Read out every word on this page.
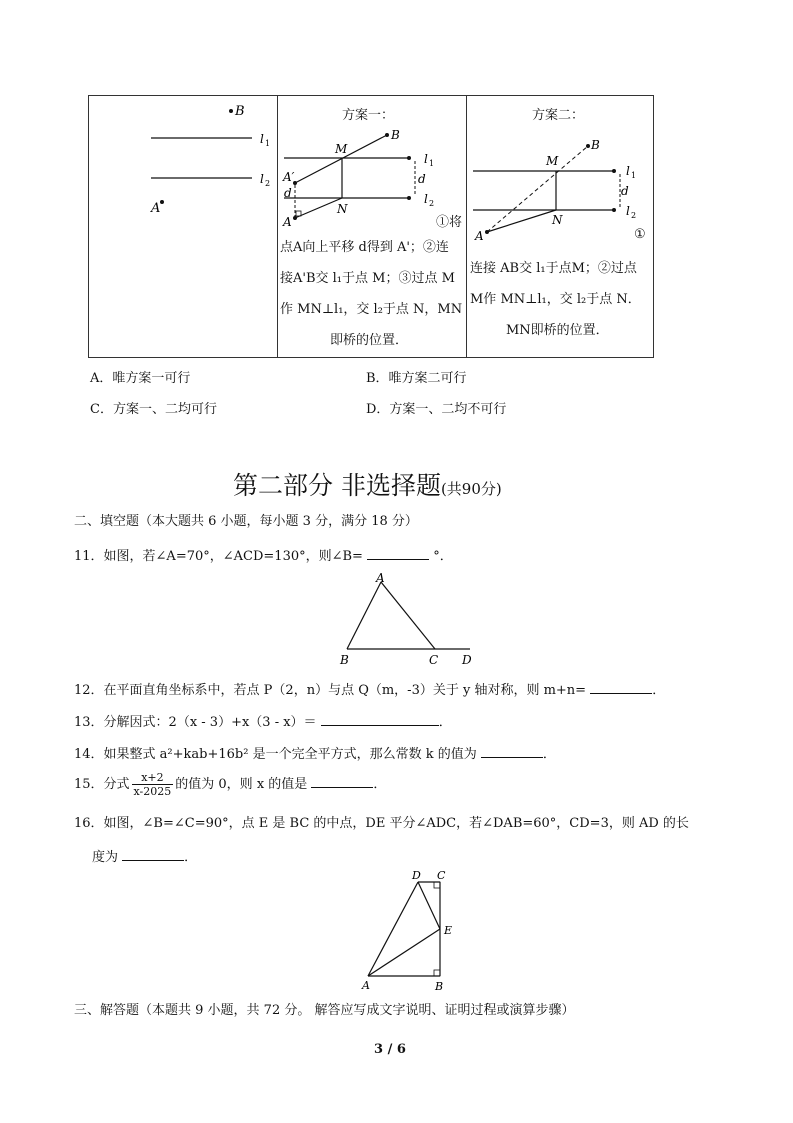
B
l 1
l 2
A
方案一：
l 1
l 2
d
B
A′
d
A
M
N
①将
点A向上平移 d得到 A'；②连
接A'B交 l₁于点 M；③过点 M
作 MN⊥l₁，交 l₂于点 N，MN
即桥的位置．
方案二：
l 1
l 2
d
B
A
M
N
①
连接 AB交 l₁于点M；②过点
M作 MN⊥l₁，交 l₂于点 N．
MN即桥的位置．
A．唯方案一可行	B．唯方案二可行
C．方案一、二均可行	D．方案一、二均不可行
第二部分 非选择题(共90分)
二、填空题（本大题共 6 小题，每小题 3 分，满分 18 分）
11．如图，若∠A=70°，∠ACD=130°，则∠B=	°．
A
B	C D
12．在平面直角坐标系中，若点 P（2，n）与点 Q（m，-3）关于 y 轴对称，则 m+n=	．
13．分解因式：2（x - 3）+x（3 - x）＝	．
14．如果整式 a²+kab+16b² 是一个完全平方式，那么常数 k 的值为	．
15．分式 $\frac{x+2}{x-2025}$ 的值为 0，则 x 的值是	．
16．如图，∠B=∠C=90°，点 E 是 BC 的中点，DE 平分∠ADC，若∠DAB=60°，CD=3，则 AD 的长
度为	．
D C
E
A	B
三、解答题（本题共 9 小题，共 72 分。 解答应写成文字说明、证明过程或演算步骤）
3 / 6
